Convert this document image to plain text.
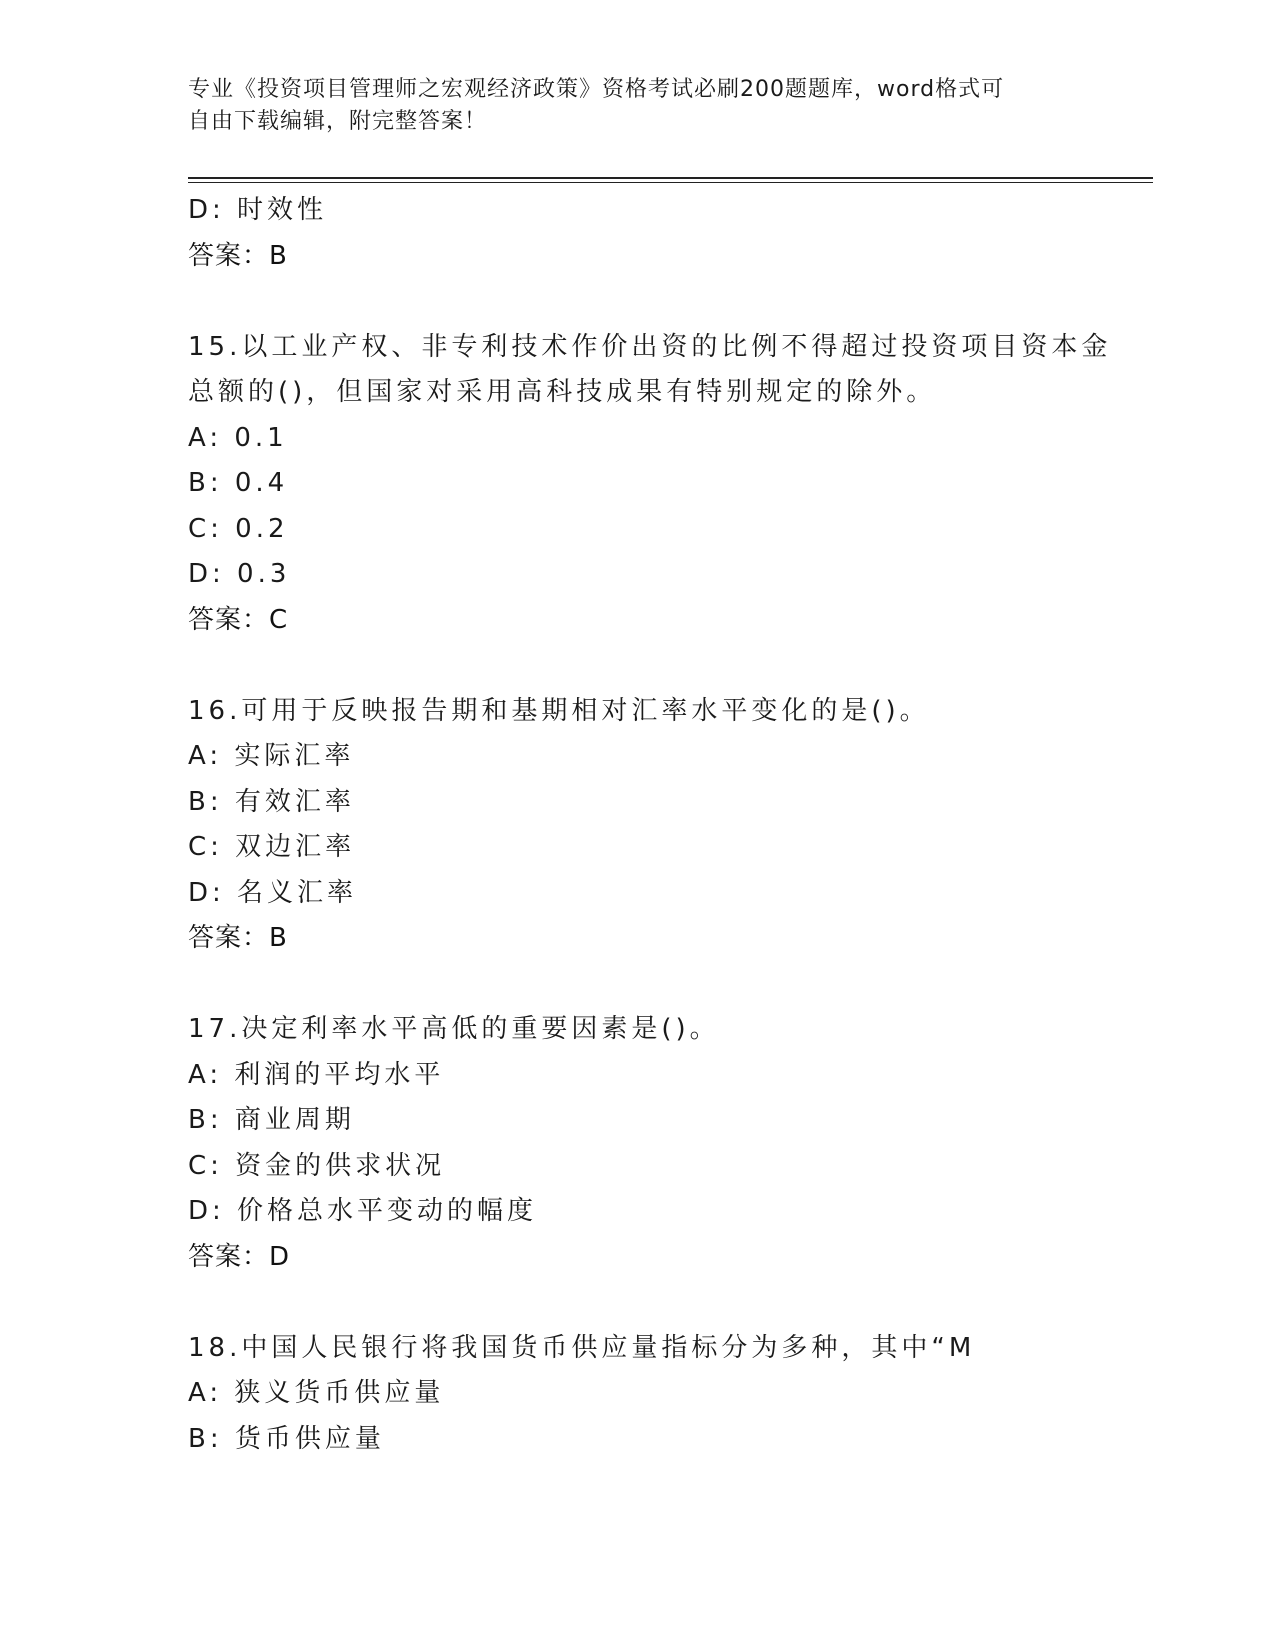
专业《投资项目管理师之宏观经济政策》资格考试必刷200题题库，word格式可
自由下载编辑，附完整答案！
D: 时效性
答案：B
15.以工业产权、非专利技术作价出资的比例不得超过投资项目资本金
总额的()，但国家对采用高科技成果有特别规定的除外。
A: 0.1
B: 0.4
C: 0.2
D: 0.3
答案：C
16.可用于反映报告期和基期相对汇率水平变化的是()。
A: 实际汇率
B: 有效汇率
C: 双边汇率
D: 名义汇率
答案：B
17.决定利率水平高低的重要因素是()。
A: 利润的平均水平
B: 商业周期
C: 资金的供求状况
D: 价格总水平变动的幅度
答案：D
18.中国人民银行将我国货币供应量指标分为多种，其中“M
A: 狭义货币供应量
B: 货币供应量
